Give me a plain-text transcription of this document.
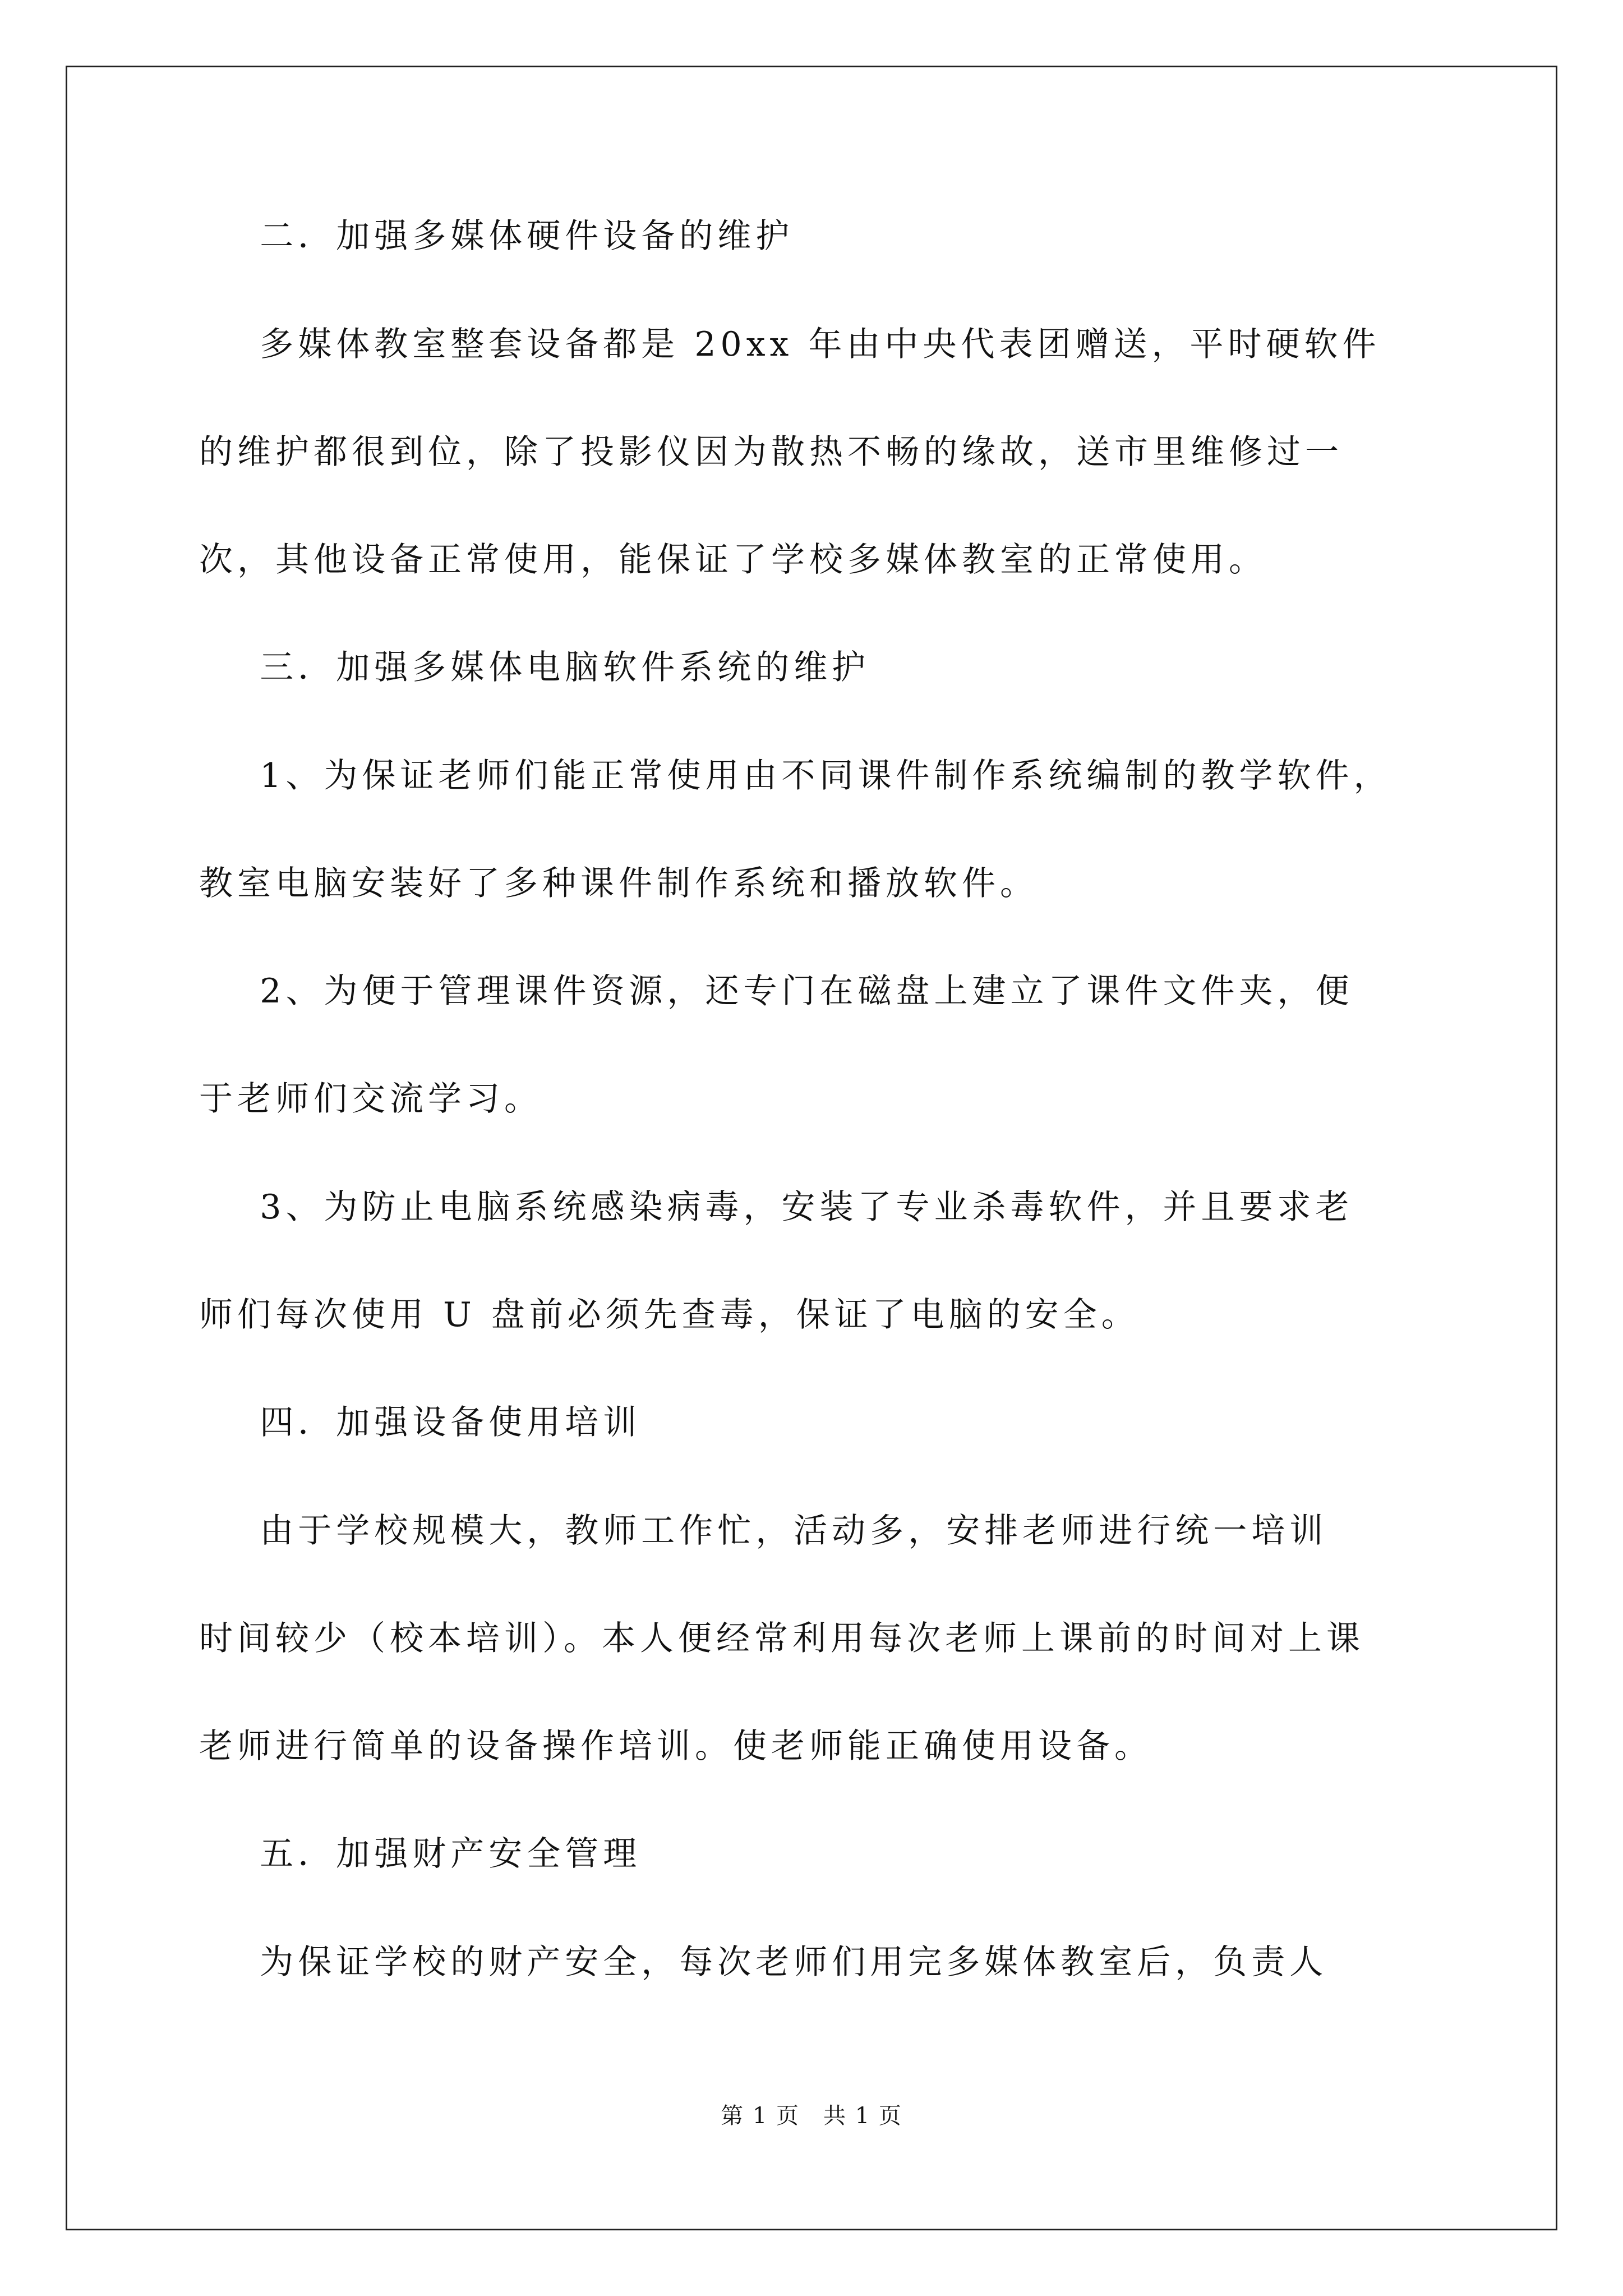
二．加强多媒体硬件设备的维护
多媒体教室整套设备都是 20xx 年由中央代表团赠送，平时硬软件
的维护都很到位，除了投影仪因为散热不畅的缘故，送市里维修过一
次，其他设备正常使用，能保证了学校多媒体教室的正常使用。
三．加强多媒体电脑软件系统的维护
1、为保证老师们能正常使用由不同课件制作系统编制的教学软件，
教室电脑安装好了多种课件制作系统和播放软件。
2、为便于管理课件资源，还专门在磁盘上建立了课件文件夹，便
于老师们交流学习。
3、为防止电脑系统感染病毒，安装了专业杀毒软件，并且要求老
师们每次使用 U 盘前必须先查毒，保证了电脑的安全。
四．加强设备使用培训
由于学校规模大，教师工作忙，活动多，安排老师进行统一培训
时间较少（校本培训）。本人便经常利用每次老师上课前的时间对上课
老师进行简单的设备操作培训。使老师能正确使用设备。
五．加强财产安全管理
为保证学校的财产安全，每次老师们用完多媒体教室后，负责人
第 1 页　共 1 页
